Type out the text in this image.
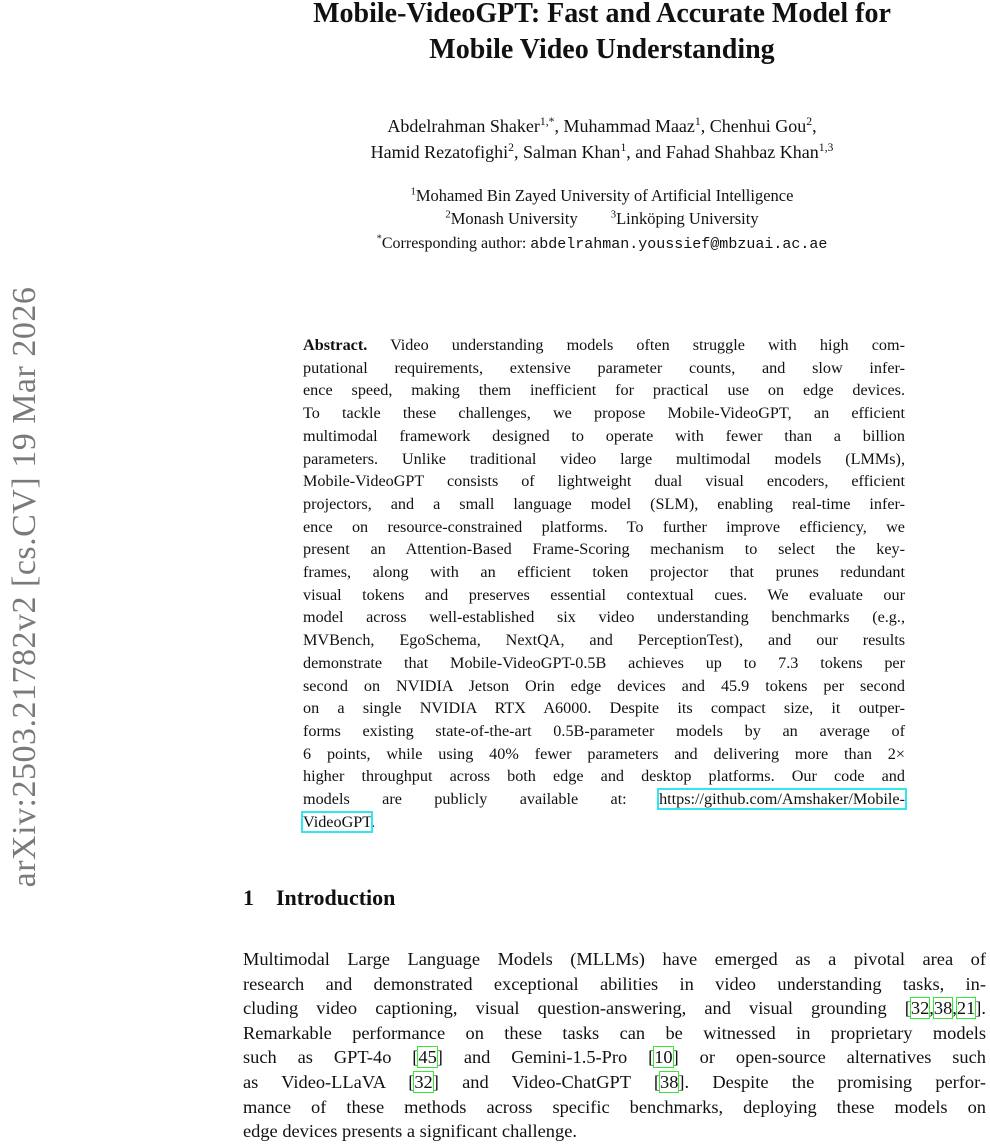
arXiv:2503.21782v2 [cs.CV] 19 Mar 2026
Mobile-VideoGPT: Fast and Accurate Model for
Mobile Video Understanding
Abdelrahman Shaker$^{1,*}$, Muhammad Maaz$^1$, Chenhui Gou$^2$,
Hamid Rezatofighi$^2$, Salman Khan$^1$, and Fahad Shahbaz Khan$^{1,3}$
$^1$Mohamed Bin Zayed University of Artificial Intelligence
$^2$Monash University  $^3$Linköping University
*Corresponding author: abdelrahman.youssief@mbzuai.ac.ae
Abstract. Video understanding models often struggle with high com-
putational requirements, extensive parameter counts, and slow infer-
ence speed, making them inefficient for practical use on edge devices.
To tackle these challenges, we propose Mobile-VideoGPT, an efficient
multimodal framework designed to operate with fewer than a billion
parameters. Unlike traditional video large multimodal models (LMMs),
Mobile-VideoGPT consists of lightweight dual visual encoders, efficient
projectors, and a small language model (SLM), enabling real-time infer-
ence on resource-constrained platforms. To further improve efficiency, we
present an Attention-Based Frame-Scoring mechanism to select the key-
frames, along with an efficient token projector that prunes redundant
visual tokens and preserves essential contextual cues. We evaluate our
model across well-established six video understanding benchmarks (e.g.,
MVBench, EgoSchema, NextQA, and PerceptionTest), and our results
demonstrate that Mobile-VideoGPT-0.5B achieves up to 7.3 tokens per
second on NVIDIA Jetson Orin edge devices and 45.9 tokens per second
on a single NVIDIA RTX A6000. Despite its compact size, it outper-
forms existing state-of-the-art 0.5B-parameter models by an average of
6 points, while using 40% fewer parameters and delivering more than 2×
higher throughput across both edge and desktop platforms. Our code and
models are publicly available at: https://github.com/Amshaker/Mobile-
VideoGPT.
1 Introduction
Multimodal Large Language Models (MLLMs) have emerged as a pivotal area of
research and demonstrated exceptional abilities in video understanding tasks, in-
cluding video captioning, visual question-answering, and visual grounding [32,38,21].
Remarkable performance on these tasks can be witnessed in proprietary models
such as GPT-4o [45] and Gemini-1.5-Pro [10] or open-source alternatives such
as Video-LLaVA [32] and Video-ChatGPT [38]. Despite the promising perfor-
mance of these methods across specific benchmarks, deploying these models on
edge devices presents a significant challenge.
